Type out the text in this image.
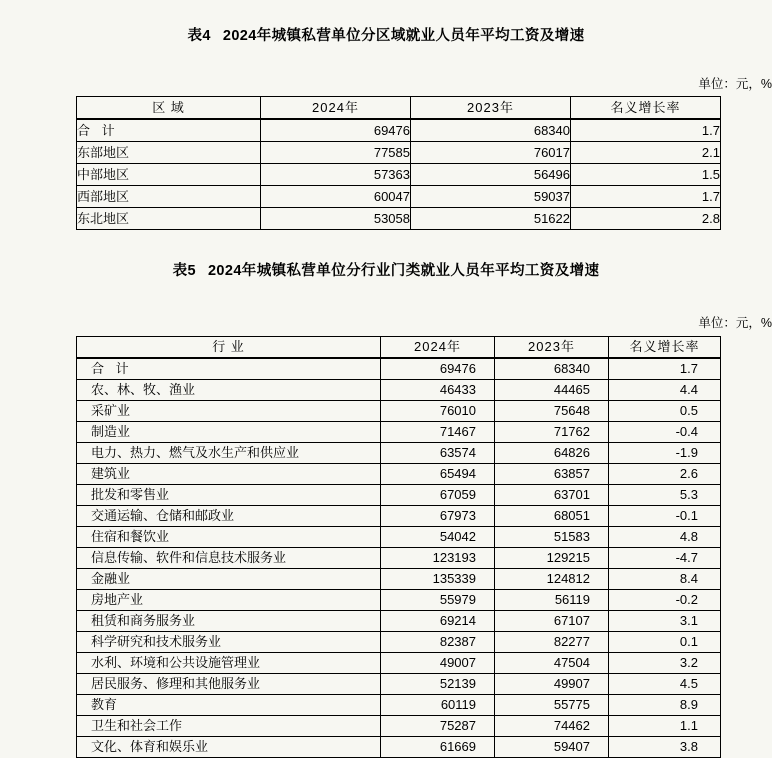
表4 2024年城镇私营单位分区域就业人员年平均工资及增速
单位：元，%
区 域	2024年	2023年	名义增长率
合 计	69476	68340	1.7
东部地区	77585	76017	2.1
中部地区	57363	56496	1.5
西部地区	60047	59037	1.7
东北地区	53058	51622	2.8
表5 2024年城镇私营单位分行业门类就业人员年平均工资及增速
单位：元，%
行 业	2024年	2023年	名义增长率
合 计	69476	68340	1.7
农、林、牧、渔业	46433	44465	4.4
采矿业	76010	75648	0.5
制造业	71467	71762	-0.4
电力、热力、燃气及水生产和供应业	63574	64826	-1.9
建筑业	65494	63857	2.6
批发和零售业	67059	63701	5.3
交通运输、仓储和邮政业	67973	68051	-0.1
住宿和餐饮业	54042	51583	4.8
信息传输、软件和信息技术服务业	123193	129215	-4.7
金融业	135339	124812	8.4
房地产业	55979	56119	-0.2
租赁和商务服务业	69214	67107	3.1
科学研究和技术服务业	82387	82277	0.1
水利、环境和公共设施管理业	49007	47504	3.2
居民服务、修理和其他服务业	52139	49907	4.5
教育	60119	55775	8.9
卫生和社会工作	75287	74462	1.1
文化、体育和娱乐业	61669	59407	3.8
